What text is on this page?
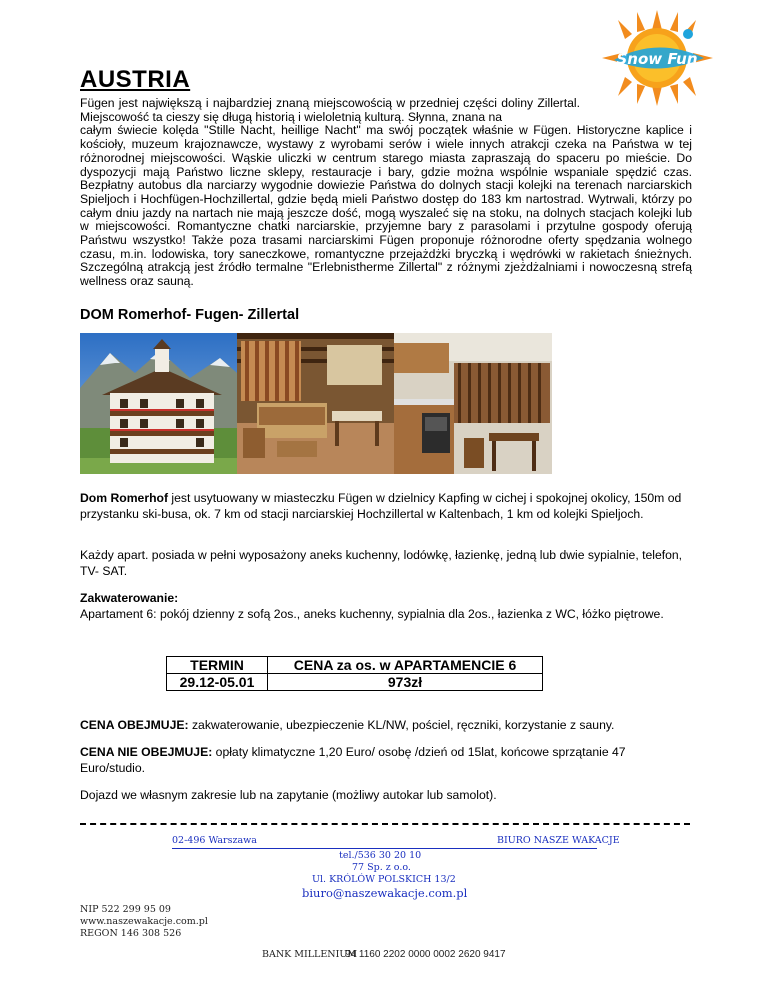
Snow Fun
AUSTRIA
Fügen jest największą i najbardziej znaną miejscowością w przedniej części doliny Zillertal. Miejscowość ta cieszy się długą historią i wieloletnią kulturą. Słynna, znana na
całym świecie kolęda "Stille Nacht, heillige Nacht" ma swój początek właśnie w Fügen. Historyczne kaplice i kościoły, muzeum krajoznawcze, wystawy z wyrobami serów i wiele innych atrakcji czeka na Państwa w tej różnorodnej miejscowości. Wąskie uliczki w centrum starego miasta zapraszają do spaceru po mieście. Do dyspozycji mają Państwo liczne sklepy, restauracje i bary, gdzie można wspólnie wspaniale spędzić czas. Bezpłatny autobus dla narciarzy wygodnie dowiezie Państwa do dolnych stacji kolejki na terenach narciarskich Spieljoch i Hochfügen-Hochzillertal, gdzie będą mieli Państwo dostęp do 183 km nartostrad. Wytrwali, którzy po całym dniu jazdy na nartach nie mają jeszcze dość, mogą wyszaleć się na stoku, na dolnych stacjach kolejki lub w miejscowości. Romantyczne chatki narciarskie, przyjemne bary z parasolami i przytulne gospody oferują Państwu wszystko! Także poza trasami narciarskimi Fügen proponuje różnorodne oferty spędzania wolnego czasu, m.in. lodowiska, tory saneczkowe, romantyczne przejażdżki bryczką i wędrówki w rakietach śnieżnych. Szczególną atrakcją jest źródło termalne "Erlebnistherme Zillertal" z różnymi zjeżdżalniami i nowoczesną strefą wellness oraz sauną.
DOM Romerhof- Fugen- Zillertal

Dom Romerhof jest usytuowany w miasteczku Fügen w dzielnicy Kapfing w cichej i spokojnej okolicy, 150m od przystanku ski-busa, ok. 7 km od stacji narciarskiej Hochzillertal w Kaltenbach, 1 km od kolejki Spieljoch.

Każdy apart. posiada w pełni wyposażony aneks kuchenny, lodówkę, łazienkę, jedną lub dwie sypialnie, telefon, TV- SAT.

Zakwaterowanie:
Apartament 6: pokój dzienny z sofą 2os., aneks kuchenny, sypialnia dla 2os., łazienka z WC, łóżko piętrowe.

TERMIN	CENA za os. w APARTAMENCIE 6
29.12-05.01	973zł

CENA OBEJMUJE: zakwaterowanie, ubezpieczenie KL/NW, pościel, ręczniki, korzystanie z sauny.

CENA NIE OBEJMUJE: opłaty klimatyczne 1,20 Euro/ osobę /dzień od 15lat, końcowe sprzątanie 47 Euro/studio.

Dojazd we własnym zakresie lub na zapytanie (możliwy autokar lub samolot).

02-496 Warszawa	BIURO NASZE WAKACJE
tel./536 30 20 10
77 Sp. z o.o.
Ul. KRÓLÓW POLSKICH 13/2
biuro@naszewakacje.com.pl
NIP 522 299 95 09
www.naszewakacje.com.pl
REGON 146 308 526
BANK MILLENIUM
94 1160 2202 0000 0002 2620 9417
